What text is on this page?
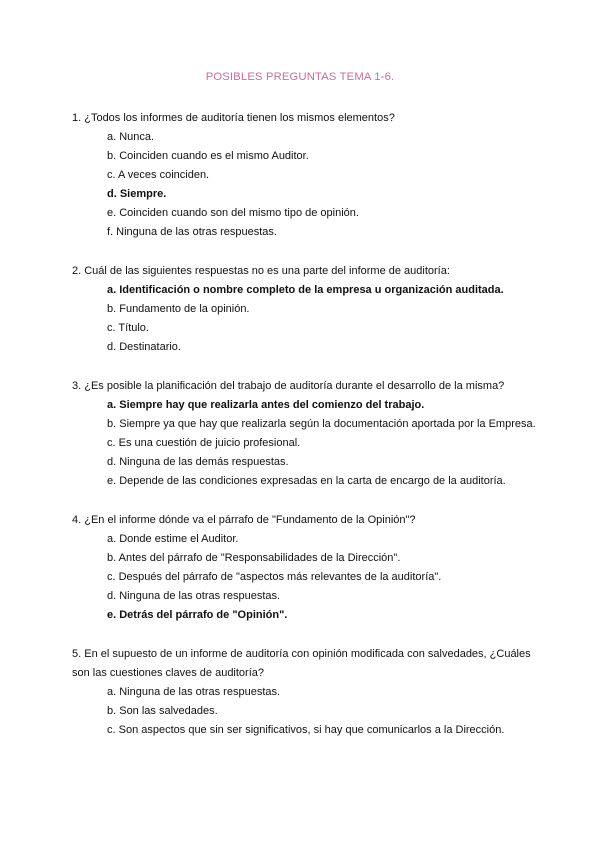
POSIBLES PREGUNTAS TEMA 1-6.
1. ¿Todos los informes de auditoría tienen los mismos elementos?
a. Nunca.
b. Coinciden cuando es el mismo Auditor.
c. A veces coinciden.
d. Siempre.
e. Coinciden cuando son del mismo tipo de opinión.
f. Ninguna de las otras respuestas.
2. Cuál de las siguientes respuestas no es una parte del informe de auditoría:
a. Identificación o nombre completo de la empresa u organización auditada.
b. Fundamento de la opinión.
c. Título.
d. Destinatario.
3. ¿Es posible la planificación del trabajo de auditoría durante el desarrollo de la misma?
a. Siempre hay que realizarla antes del comienzo del trabajo.
b. Siempre ya que hay que realizarla según la documentación aportada por la Empresa.
c. Es una cuestión de juicio profesional.
d. Ninguna de las demás respuestas.
e. Depende de las condiciones expresadas en la carta de encargo de la auditoría.
4. ¿En el informe dónde va el párrafo de "Fundamento de la Opinión"?
a. Donde estime el Auditor.
b. Antes del párrafo de "Responsabilidades de la Dirección".
c. Después del párrafo de "aspectos más relevantes de la auditoría".
d. Ninguna de las otras respuestas.
e. Detrás del párrafo de "Opinión".
5. En el supuesto de un informe de auditoría con opinión modificada con salvedades, ¿Cuáles son las cuestiones claves de auditoría?
a. Ninguna de las otras respuestas.
b. Son las salvedades.
c. Son aspectos que sin ser significativos, si hay que comunicarlos a la Dirección.
